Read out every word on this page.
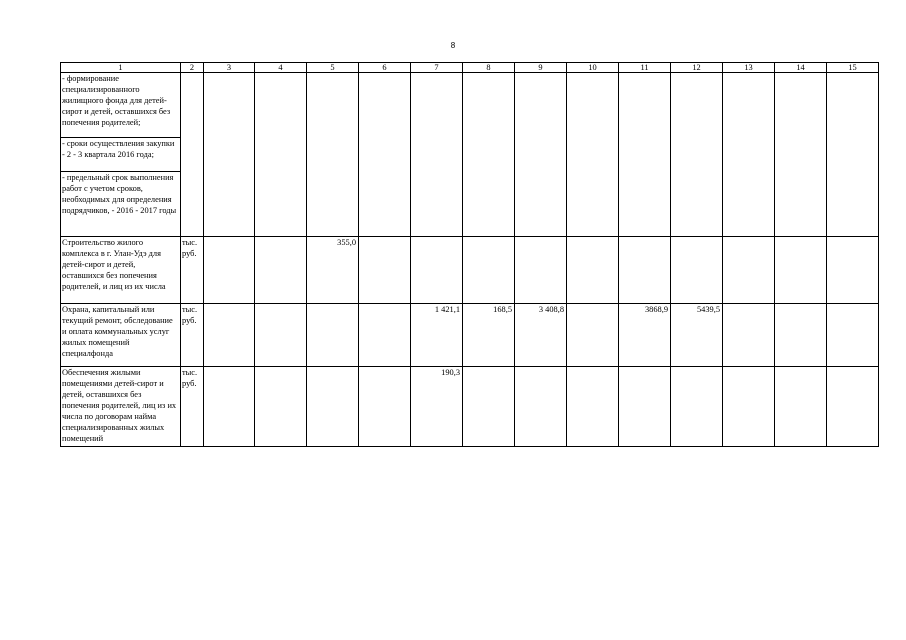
8
1	2	3	4	5	6	7	8	9	10	11	12	13	14	15
- формирование специализированного жилищного фонда для детей-сирот и детей, оставшихся без попечения родителей;														
- сроки осуществления закупки - 2 - 3 квартала 2016 года;														
- предельный срок выполнения работ с учетом сроков, необходимых для определения подрядчиков, - 2016 - 2017 годы														
Строительство жилого комплекса в г. Улан-Удэ для детей-сирот и детей, оставшихся без попечения родителей, и лиц из их числа	тыс. руб.			355,0										
Охрана, капитальный или текущий ремонт, обследование и оплата коммунальных услуг жилых помещений специалфонда	тыс. руб.					1 421,1	168,5	3 408,8		3868,9	5439,5			
Обеспечения жилыми помещениями детей-сирот и детей, оставшихся без попечения родителей, лиц из их числа по договорам найма специализированных жилых помещений	тыс. руб.					190,3								
